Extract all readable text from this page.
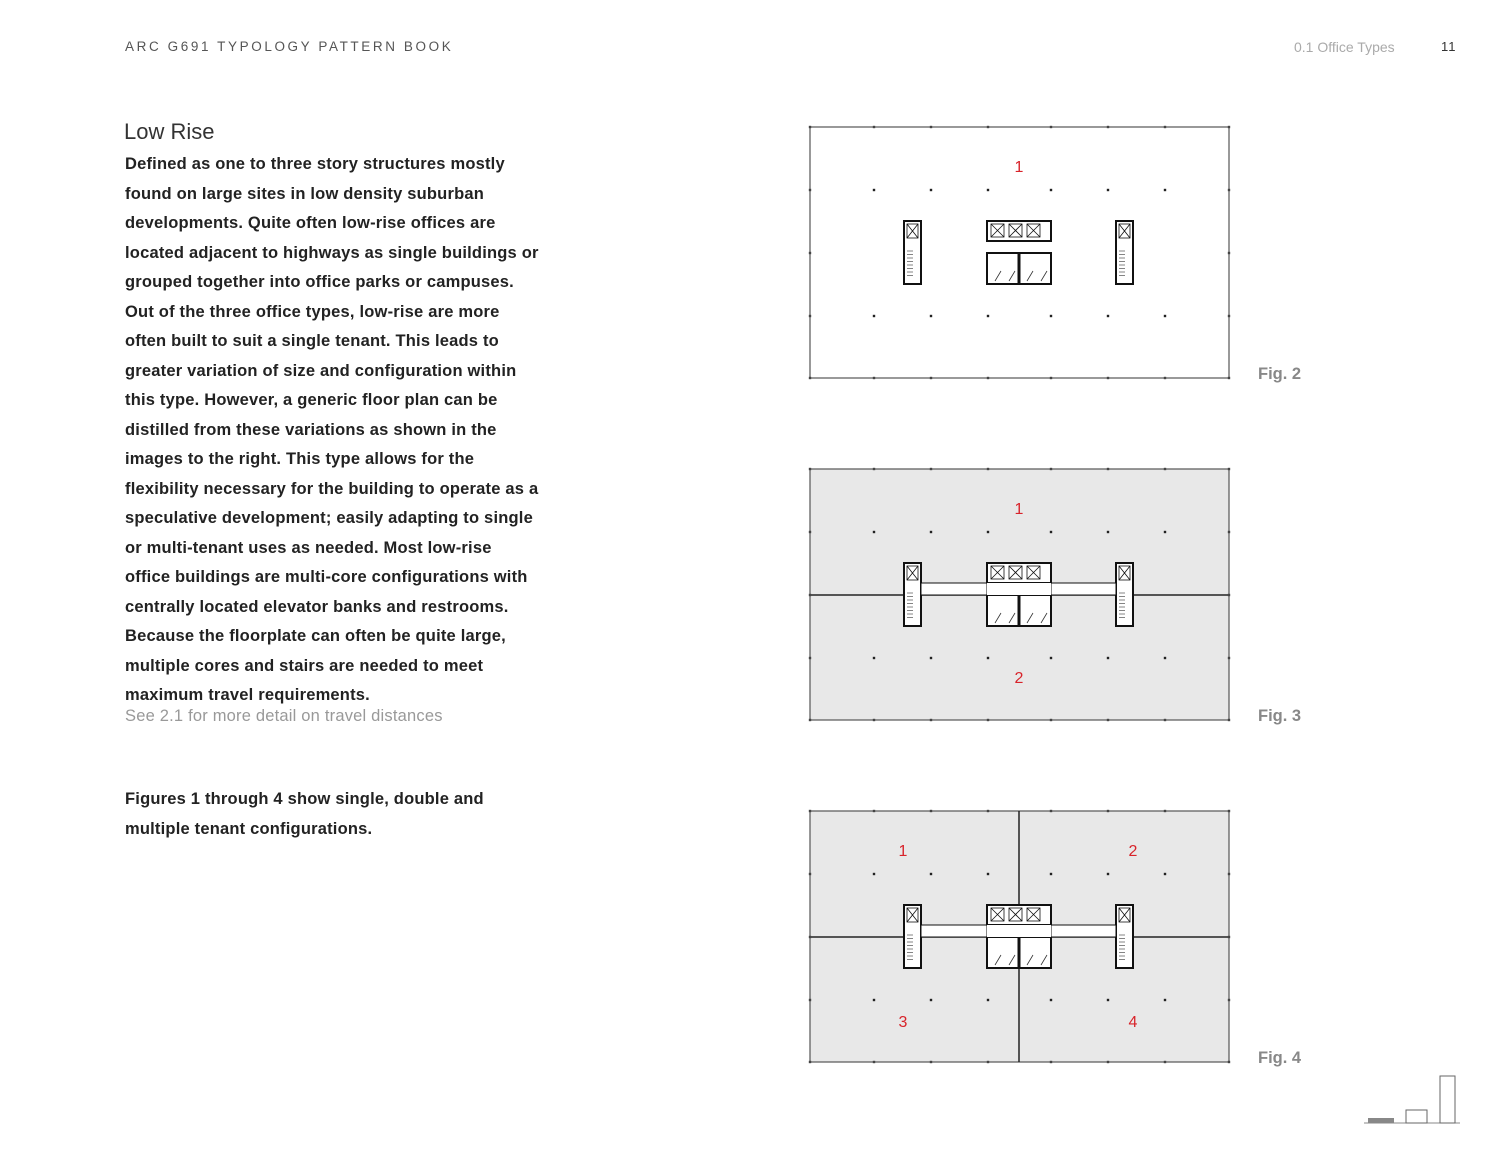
ARC G691 TYPOLOGY PATTERN BOOK	0.1 Office Types	11
Low Rise

Defined as one to three story structures mostly
found on large sites in low density suburban
developments. Quite often low-rise offices are
located adjacent to highways as single buildings or
grouped together into office parks or campuses.
Out of the three office types, low-rise are more
often built to suit a single tenant. This leads to
greater variation of size and configuration within
this type. However, a generic floor plan can be
distilled from these variations as shown in the
images to the right. This type allows for the
flexibility necessary for the building to operate as a
speculative development; easily adapting to single
or multi-tenant uses as needed. Most low-rise
office buildings are multi-core configurations with
centrally located elevator banks and restrooms.
Because the floorplate can often be quite large,
multiple cores and stairs are needed to meet
maximum travel requirements.

See 2.1 for more detail on travel distances

Figures 1 through 4 show single, double and
multiple tenant configurations.

1
Fig. 2
1
2
Fig. 3
1	2
3	4
Fig. 4
